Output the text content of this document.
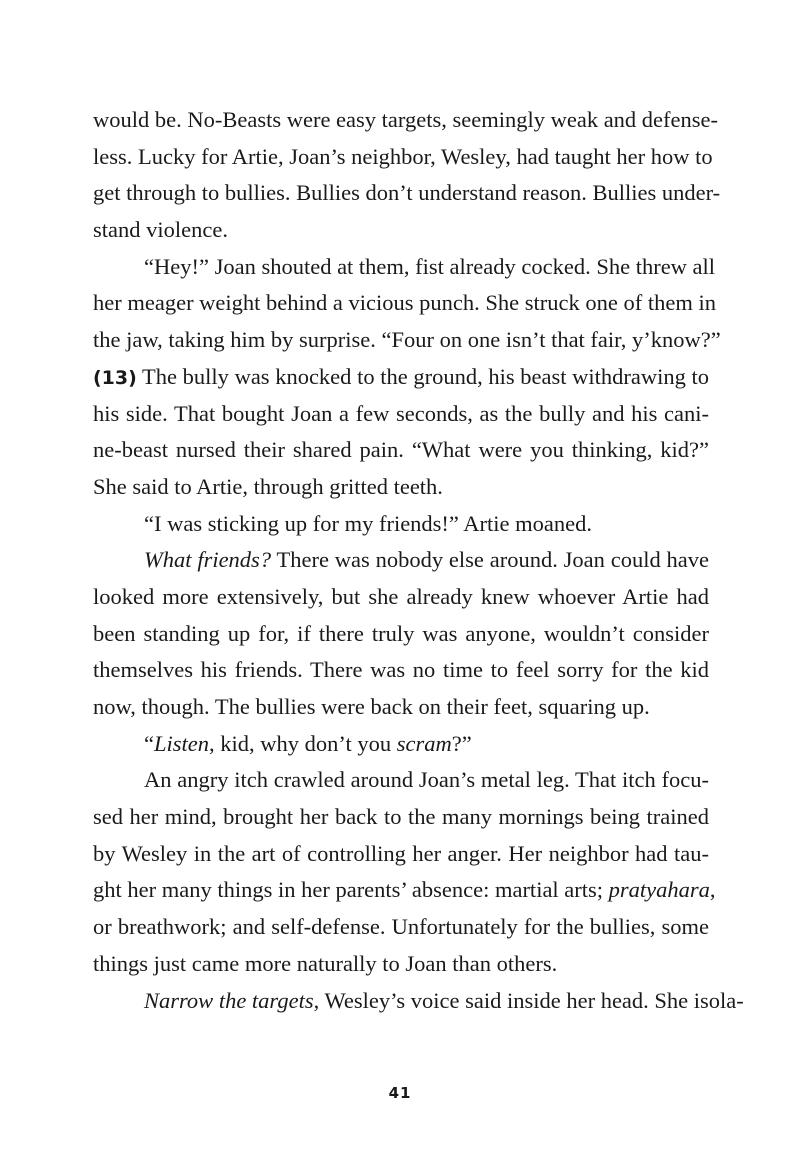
would be. No-Beasts were easy targets, seemingly weak and defense-
less. Lucky for Artie, Joan’s neighbor, Wesley, had taught her how to
get through to bullies. Bullies don’t understand reason. Bullies under-
stand violence.
“Hey!” Joan shouted at them, fist already cocked. She threw all
her meager weight behind a vicious punch. She struck one of them in
the jaw, taking him by surprise. “Four on one isn’t that fair, y’know?”
(13) The bully was knocked to the ground, his beast withdrawing to
his side. That bought Joan a few seconds, as the bully and his cani-
ne-beast nursed their shared pain. “What were you thinking, kid?”
She said to Artie, through gritted teeth.
“I was sticking up for my friends!” Artie moaned.
What friends? There was nobody else around. Joan could have
looked more extensively, but she already knew whoever Artie had
been standing up for, if there truly was anyone, wouldn’t consider
themselves his friends. There was no time to feel sorry for the kid
now, though. The bullies were back on their feet, squaring up.
“Listen, kid, why don’t you scram?”
An angry itch crawled around Joan’s metal leg. That itch focu-
sed her mind, brought her back to the many mornings being trained
by Wesley in the art of controlling her anger. Her neighbor had tau-
ght her many things in her parents’ absence: martial arts; pratyahara,
or breathwork; and self-defense. Unfortunately for the bullies, some
things just came more naturally to Joan than others.
Narrow the targets, Wesley’s voice said inside her head. She isola-
41
